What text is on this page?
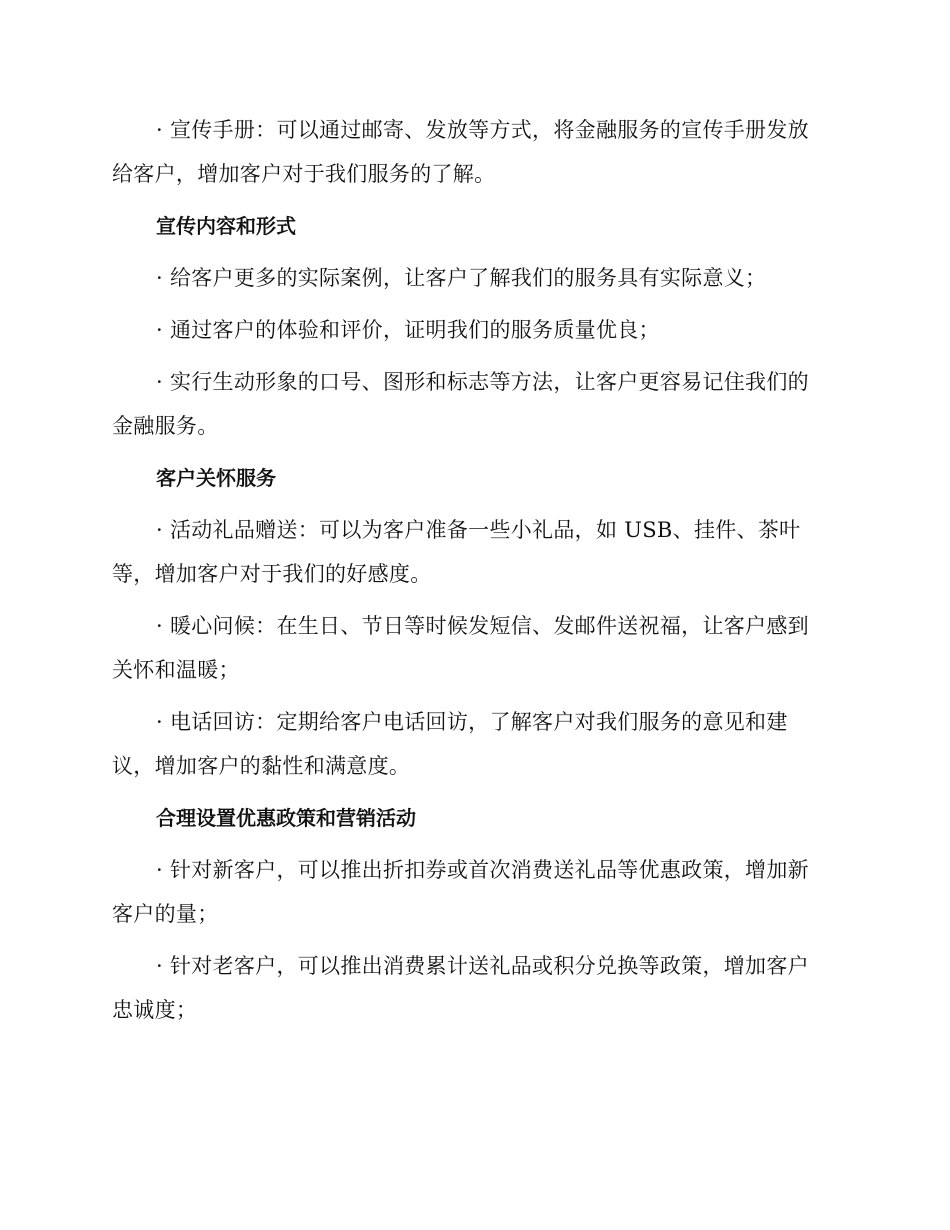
· 宣传手册：可以通过邮寄、发放等方式，将金融服务的宣传手册发放给客户，增加客户对于我们服务的了解。

宣传内容和形式

· 给客户更多的实际案例，让客户了解我们的服务具有实际意义；

· 通过客户的体验和评价，证明我们的服务质量优良；

· 实行生动形象的口号、图形和标志等方法，让客户更容易记住我们的金融服务。

客户关怀服务

· 活动礼品赠送：可以为客户准备一些小礼品，如 USB、挂件、茶叶等，增加客户对于我们的好感度。

· 暖心问候：在生日、节日等时候发短信、发邮件送祝福，让客户感到关怀和温暖；

· 电话回访：定期给客户电话回访，了解客户对我们服务的意见和建议，增加客户的黏性和满意度。

合理设置优惠政策和营销活动

· 针对新客户，可以推出折扣券或首次消费送礼品等优惠政策，增加新客户的量；

· 针对老客户，可以推出消费累计送礼品或积分兑换等政策，增加客户忠诚度；
